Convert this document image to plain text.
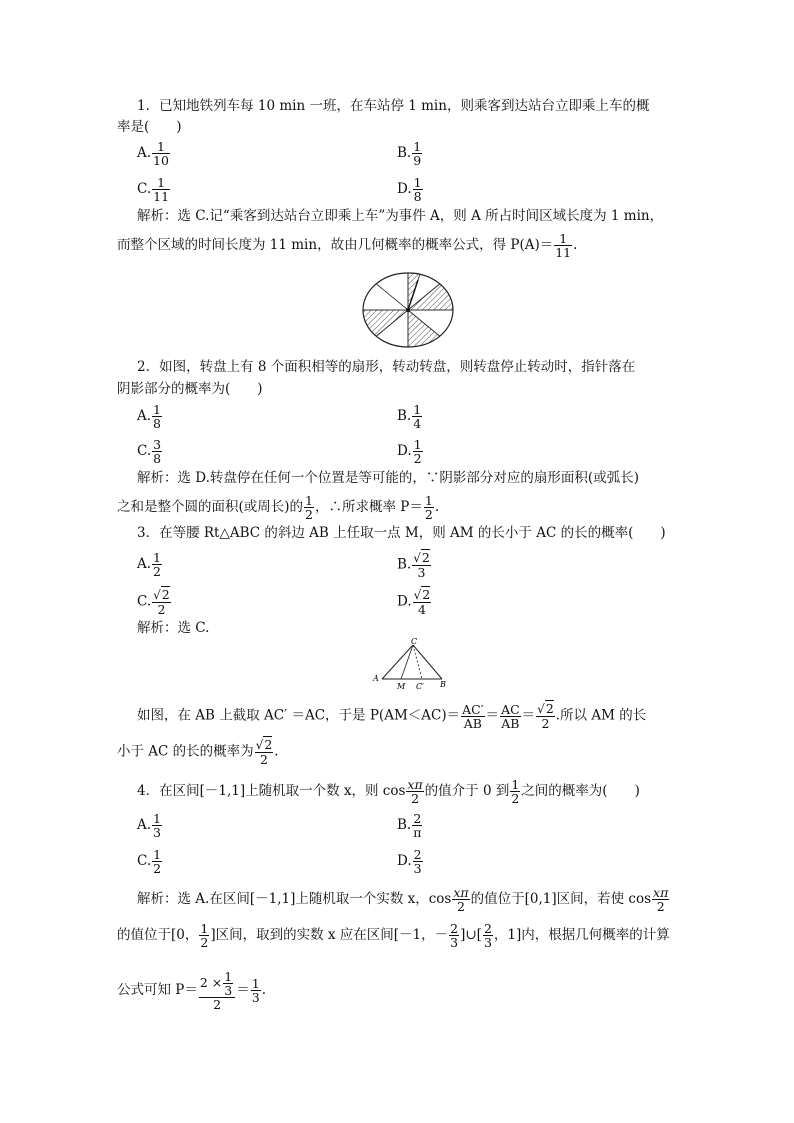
1．已知地铁列车每 10 min 一班，在车站停 1 min，则乘客到达站台立即乘上车的概
率是(　　)
A. $\frac{1}{10}$	B. $\frac{1}{9}$
C. $\frac{1}{11}$	D. $\frac{1}{8}$
解析：选 C.记“乘客到达站台立即乘上车”为事件 A，则 A 所占时间区域长度为 1 min，
而整个区域的时间长度为 11 min，故由几何概率的概率公式，得 $P(A)= \frac{1}{11}$ .
2．如图，转盘上有 8 个面积相等的扇形，转动转盘，则转盘停止转动时，指针落在
阴影部分的概率为(　　)
A. $\frac{1}{8}$	B. $\frac{1}{4}$
C. $\frac{3}{8}$	D. $\frac{1}{2}$
解析：选 D.转盘停在任何一个位置是等可能的，∵阴影部分对应的扇形面积(或弧长)
之和是整个圆的面积(或周长)的 $\frac{1}{2}$ ，∴所求概率 $P= \frac{1}{2}$ .
3．在等腰 Rt△ABC 的斜边 AB 上任取一点 M，则 AM 的长小于 AC 的长的概率(　　)
A. $\frac{1}{2}$	B. $\frac{√2}{3}$
C. $\frac{√2}{2}$	D. $\frac{√2}{4}$
解析：选 C.
C
A
M C′ B
如图，在 AB 上截取 AC′ ＝AC，于是 $P(AM<AC)= \frac{AC'}{AB} = \frac{AC}{AB} = \frac{√2}{2}$ .所以 AM 的长
小于 AC 的长的概率为 $\frac{√2}{2}$ .
4．在区间[－1,1]上随机取一个数 x，则 $\cos \frac{x\pi}{2}$ 的值介于 0 到 $\frac{1}{2}$ 之间的概率为(　　)
A. $\frac{1}{3}$	B. $\frac{2}{\pi}$
C. $\frac{1}{2}$	D. $\frac{2}{3}$
解析：选 A.在区间[－1,1]上随机取一个实数 x，$\cos \frac{x\pi}{2}$ 的值位于[0,1]区间，若使 $\cos \frac{x\pi}{2}$
的值位于[0， $\frac{1}{2}$ ]区间，取到的实数 x 应在区间[－1，－ $\frac{2}{3}$ ]∪[ $\frac{2}{3}$ ，1]内，根据几何概率的计算
公式可知 $P= \frac{2 \times \frac{1}{3}}{2} = \frac{1}{3}$ .
